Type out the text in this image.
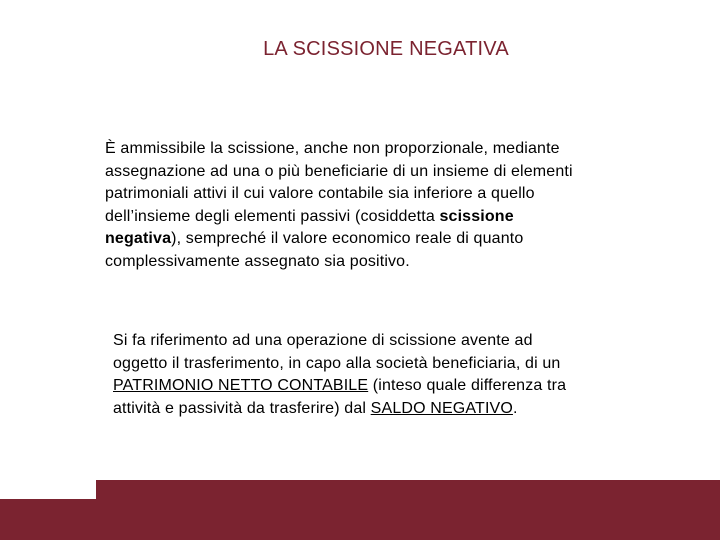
LA SCISSIONE NEGATIVA
È ammissibile la scissione, anche non proporzionale, mediante
assegnazione ad una o più beneficiarie di un insieme di elementi
patrimoniali attivi il cui valore contabile sia inferiore a quello
dell’insieme degli elementi passivi (cosiddetta scissione
negativa), sempreché il valore economico reale di quanto
complessivamente assegnato sia positivo.
Si fa riferimento ad una operazione di scissione avente ad
oggetto il trasferimento, in capo alla società beneficiaria, di un
PATRIMONIO NETTO CONTABILE (inteso quale differenza tra
attività e passività da trasferire) dal SALDO NEGATIVO.
